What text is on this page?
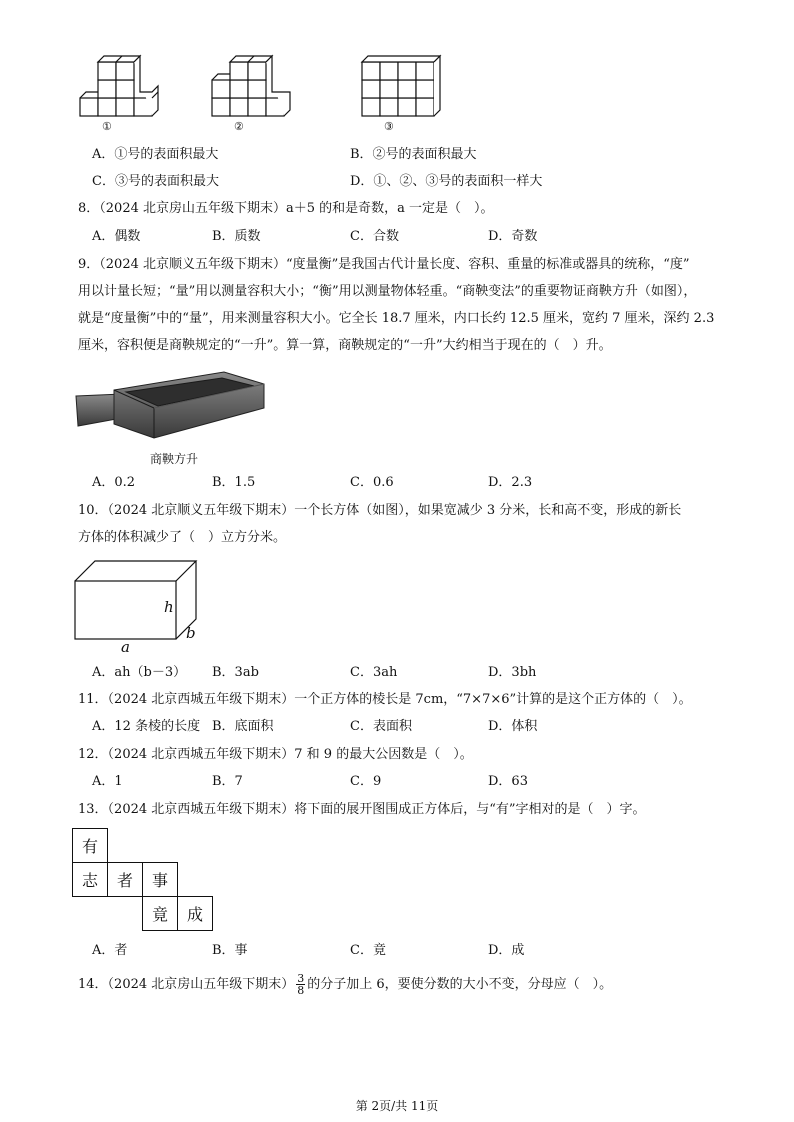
①	②	③
A．①号的表面积最大	B．②号的表面积最大
C．③号的表面积最大	D．①、②、③号的表面积一样大
8．（2024 北京房山五年级下期末）a＋5 的和是奇数，a 一定是（　）。
A．偶数	B．质数	C．合数	D．奇数
9．（2024 北京顺义五年级下期末）“度量衡”是我国古代计量长度、容积、重量的标准或器具的统称，“度”
用以计量长短；“量”用以测量容积大小；“衡”用以测量物体轻重。“商鞅变法”的重要物证商鞅方升（如图），
就是“度量衡”中的“量”，用来测量容积大小。它全长 18.7 厘米，内口长约 12.5 厘米，宽约 7 厘米，深约 2.3
厘米，容积便是商鞅规定的“一升”。算一算，商鞅规定的“一升”大约相当于现在的（　）升。
商鞅方升
A．0.2	B．1.5	C．0.6	D．2.3
10．（2024 北京顺义五年级下期末）一个长方体（如图），如果宽减少 3 分米，长和高不变，形成的新长
方体的体积减少了（　）立方分米。
h
a
b
A．ah（b－3） B．3ab	C．3ah	D．3bh
11．（2024 北京西城五年级下期末）一个正方体的棱长是 7cm，“7×7×6”计算的是这个正方体的（　）。
A．12 条棱的长度 B．底面积	C．表面积	D．体积
12．（2024 北京西城五年级下期末）7 和 9 的最大公因数是（　）。
A．1	B．7	C．9	D．63
13．（2024 北京西城五年级下期末）将下面的展开图围成正方体后，与“有”字相对的是（　）字。
有			
志	者	事	
		竟	成
A．者	B．事	C．竟	D．成
14．（2024 北京房山五年级下期末） $\frac{3}{8}$ 的分子加上 6，要使分数的大小不变，分母应（　）。
第 2页/共 11页
